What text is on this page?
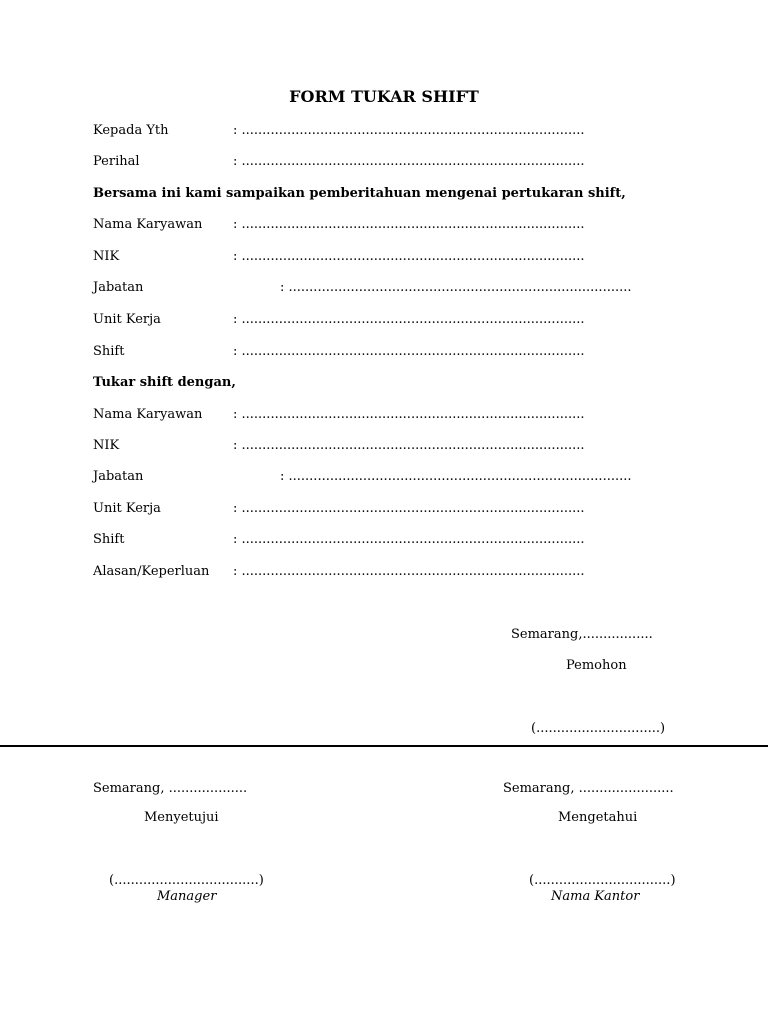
FORM TUKAR SHIFT
Kepada Yth	: ...................................................................................
Perihal	: ...................................................................................
Bersama ini kami sampaikan pemberitahuan mengenai pertukaran shift,
Nama Karyawan : ...................................................................................
NIK	: ...................................................................................
Jabatan	: ...................................................................................
Unit Kerja	: ...................................................................................
Shift	: ...................................................................................
Tukar shift dengan,
Nama Karyawan : ...................................................................................
NIK	: ...................................................................................
Jabatan	: ...................................................................................
Unit Kerja	: ...................................................................................
Shift	: ...................................................................................
Alasan/Keperluan : ...................................................................................
Semarang,.................
Pemohon
(..............................)
Semarang, ...................
Menyetujui
(...................................)
Manager
Semarang, .......................
Mengetahui
(.................................)
Nama Kantor
